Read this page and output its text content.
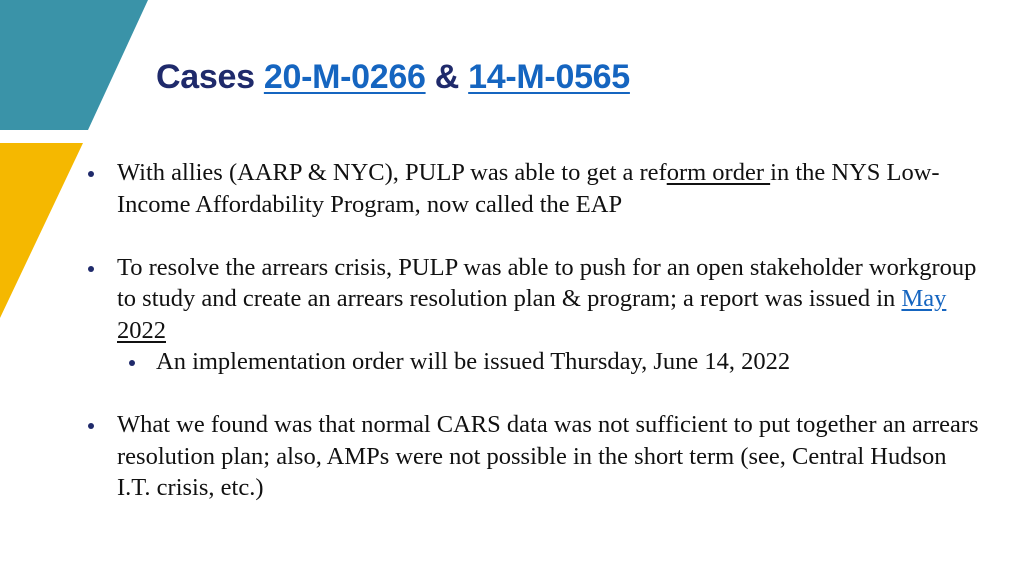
Cases 20-M-0266 & 14-M-0565
With allies (AARP & NYC), PULP was able to get a reform order in the NYS Low-Income Affordability Program, now called the EAP
To resolve the arrears crisis, PULP was able to push for an open stakeholder workgroup to study and create an arrears resolution plan & program; a report was issued in May 2022
An implementation order will be issued Thursday, June 14, 2022
What we found was that normal CARS data was not sufficient to put together an arrears resolution plan; also, AMPs were not possible in the short term (see, Central Hudson I.T. crisis, etc.)
